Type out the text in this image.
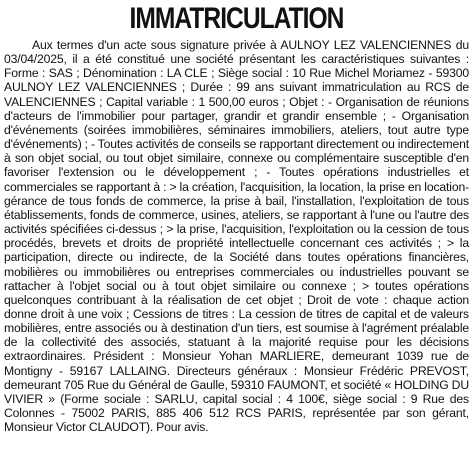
IMMATRICULATION

Aux termes d'un acte sous signature privée à AULNOY LEZ VALENCIENNES du 03/04/2025, il a été constitué une société présentant les caractéristiques suivantes : Forme : SAS ; Dénomination : LA CLE ; Siège social : 10 Rue Michel Moriamez - 59300 AULNOY LEZ VALENCIENNES ; Durée : 99 ans suivant immatriculation au RCS de VALENCIENNES ; Capital variable : 1 500,00 euros ; Objet : - Organisation de réunions d'acteurs de l'immobilier pour partager, grandir et grandir ensemble ; - Organisation d'événements (soirées immobilières, séminaires immobiliers, ateliers, tout autre type d'événements) ; - Toutes activités de conseils se rapportant directement ou indirectement à son objet social, ou tout objet similaire, connexe ou complémentaire susceptible d'en favoriser l'extension ou le développement ; - Toutes opérations industrielles et commerciales se rapportant à : > la création, l'acquisition, la location, la prise en location-gérance de tous fonds de commerce, la prise à bail, l'installation, l'exploitation de tous établissements, fonds de commerce, usines, ateliers, se rapportant à l'une ou l'autre des activités spécifiées ci-dessus ; > la prise, l'acquisition, l'exploitation ou la cession de tous procédés, brevets et droits de propriété intellectuelle concernant ces activités ; > la participation, directe ou indirecte, de la Société dans toutes opérations financières, mobilières ou immobilières ou entreprises commerciales ou industrielles pouvant se rattacher à l'objet social ou à tout objet similaire ou connexe ; > toutes opérations quelconques contribuant à la réalisation de cet objet ; Droit de vote : chaque action donne droit à une voix ; Cessions de titres : La cession de titres de capital et de valeurs mobilières, entre associés ou à destination d'un tiers, est soumise à l'agrément préalable de la collectivité des associés, statuant à la majorité requise pour les décisions extraordinaires. Président : Monsieur Yohan MARLIERE, demeurant 1039 rue de Montigny - 59167 LALLAING. Directeurs généraux : Monsieur Frédéric PREVOST, demeurant 705 Rue du Général de Gaulle, 59310 FAUMONT, et société « HOLDING DU VIVIER » (Forme sociale : SARLU, capital social : 4 100€, siège social : 9 Rue des Colonnes - 75002 PARIS, 885 406 512 RCS PARIS, représentée par son gérant, Monsieur Victor CLAUDOT). Pour avis.
